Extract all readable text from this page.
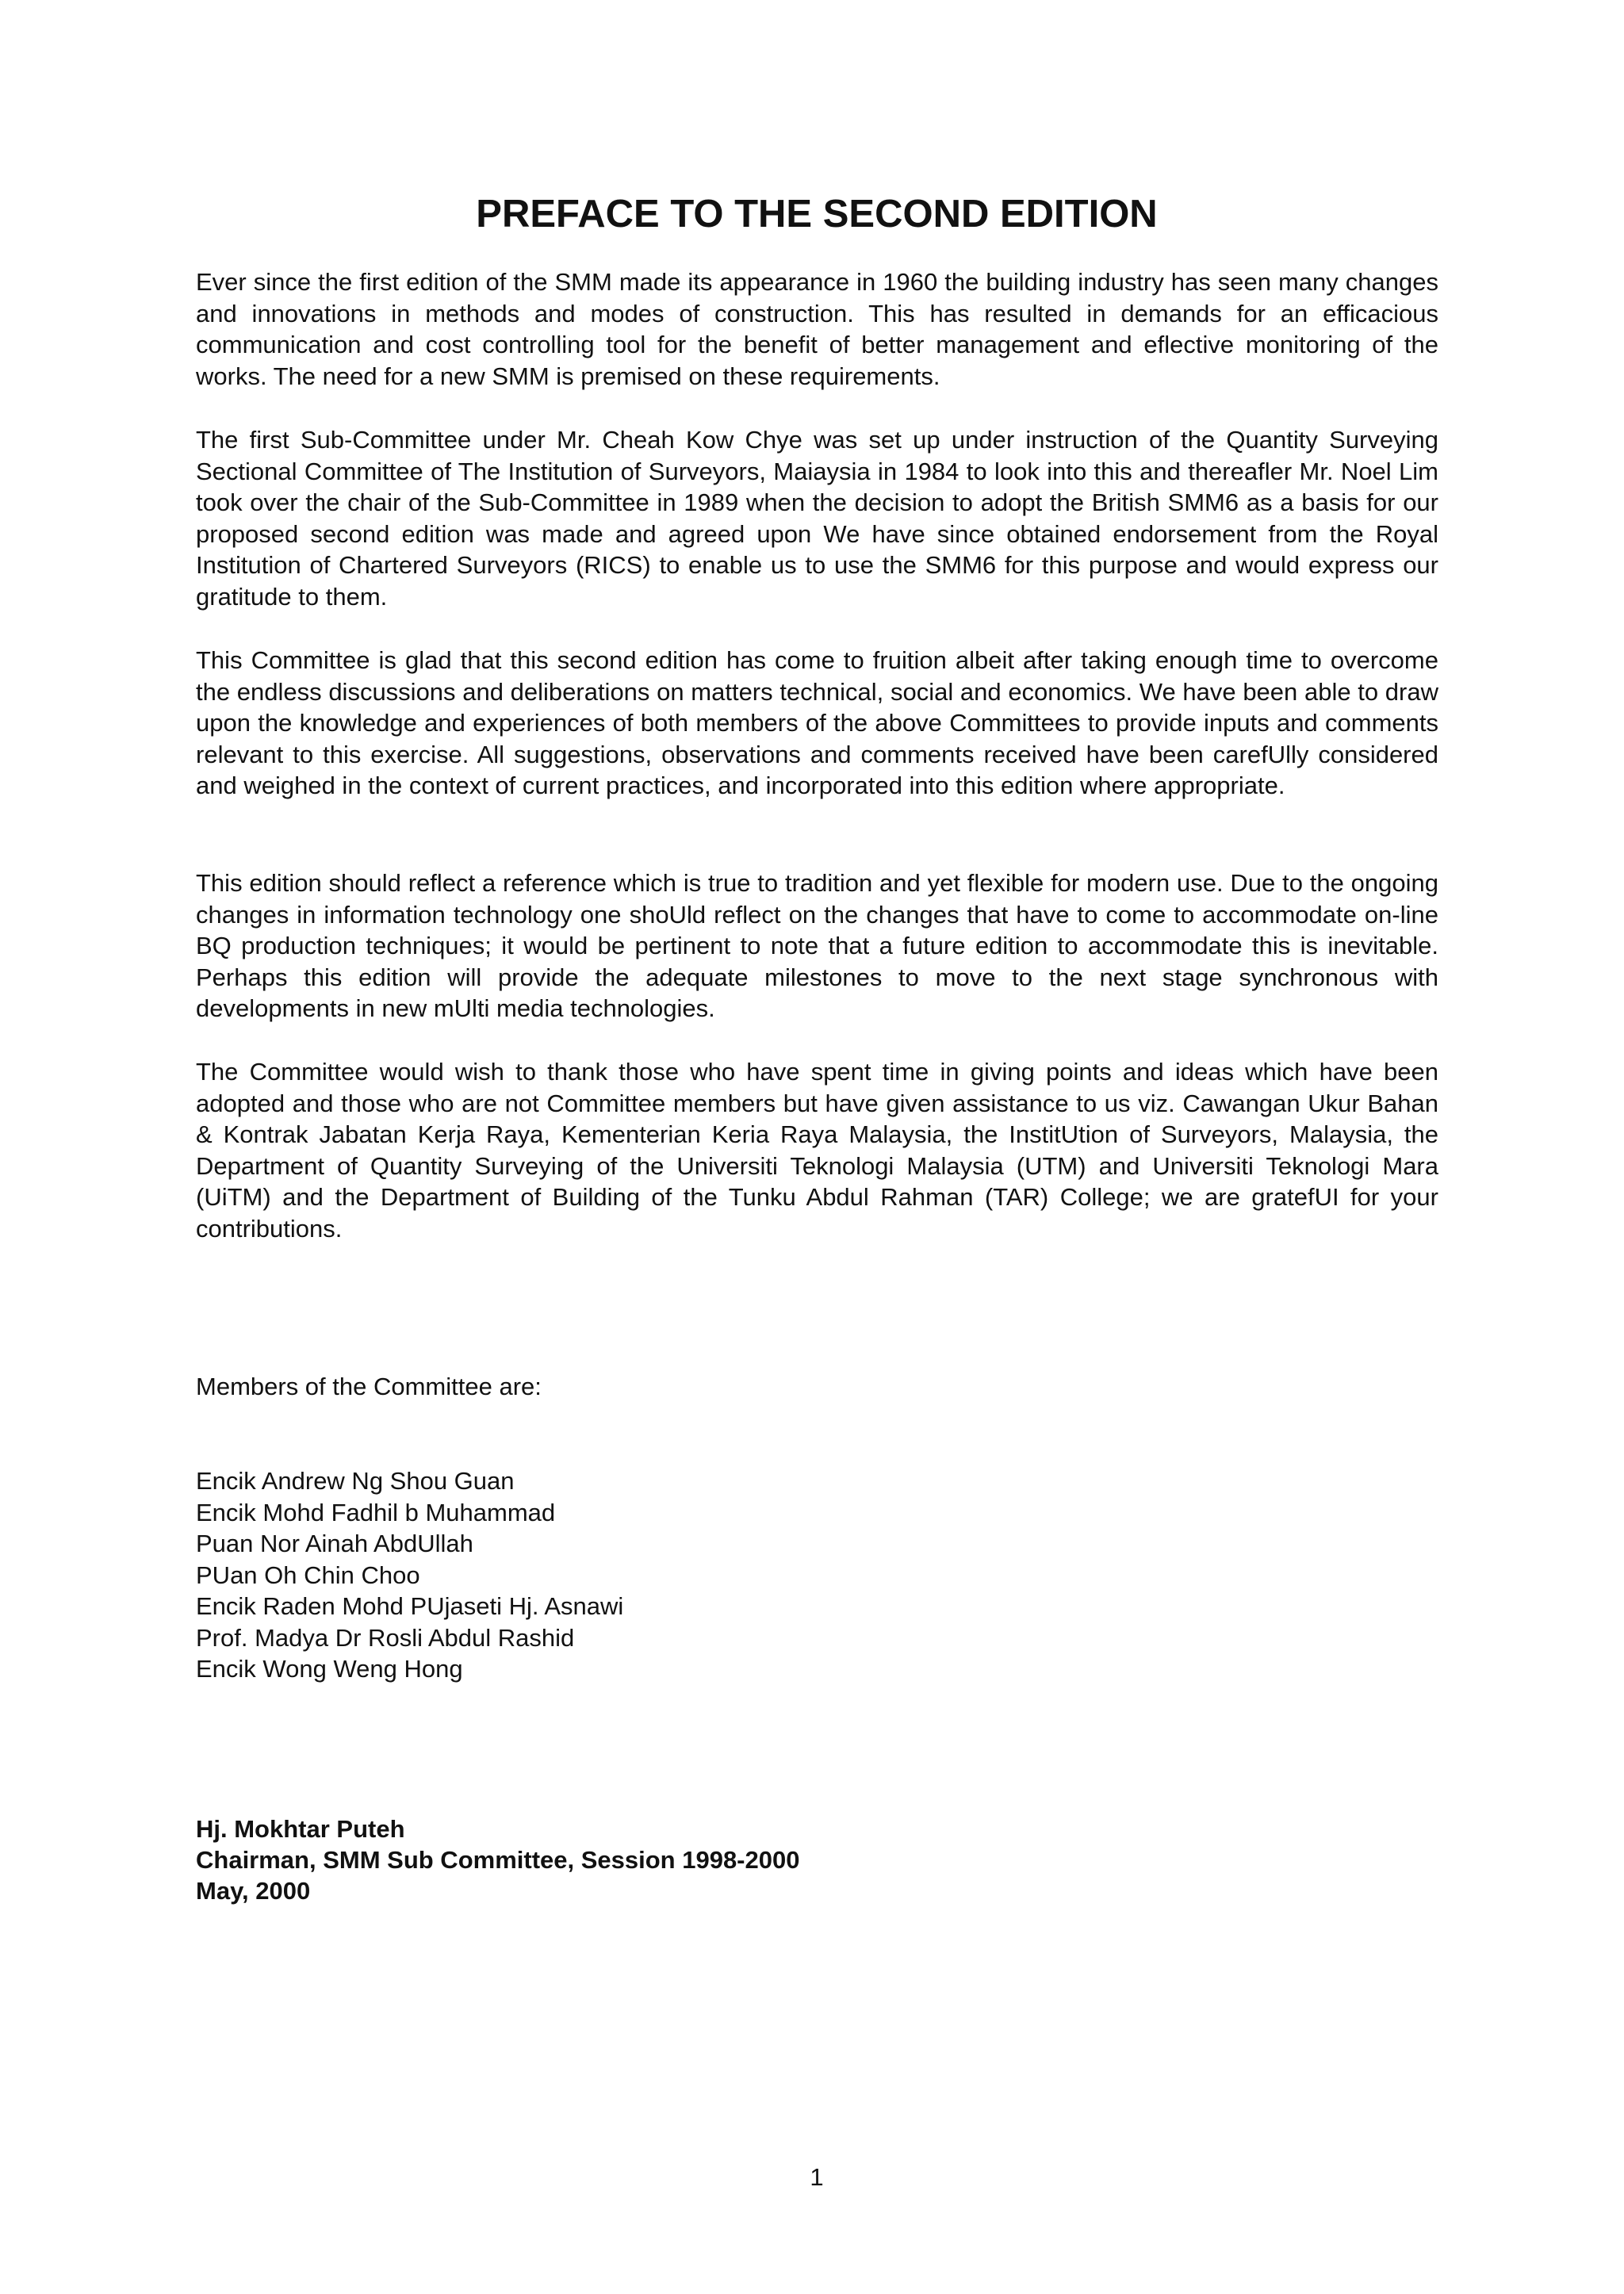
PREFACE TO THE SECOND EDITION

Ever since the first edition of the SMM made its appearance in 1960 the building industry has seen many changes and innovations in methods and modes of construction. This has resulted in demands for an efficacious communication and cost controlling tool for the benefit of better management and eflective monitoring of the works. The need for a new SMM is premised on these requirements.

The first Sub-Committee under Mr. Cheah Kow Chye was set up under instruction of the Quantity Surveying Sectional Committee of The Institution of Surveyors, Maiaysia in 1984 to look into this and thereafler Mr. Noel Lim took over the chair of the Sub-Committee in 1989 when the decision to adopt the British SMM6 as a basis for our proposed second edition was made and agreed upon We have since obtained endorsement from the Royal Institution of Chartered Surveyors (RICS) to enable us to use the SMM6 for this purpose and would express our gratitude to them.

This Committee is glad that this second edition has come to fruition albeit after taking enough time to overcome the endless discussions and deliberations on matters technical, social and economics. We have been able to draw upon the knowledge and experiences of both members of the above Committees to provide inputs and comments relevant to this exercise. All suggestions, observations and comments received have been carefUlly considered and weighed in the context of current practices, and incorporated into this edition where appropriate.

This edition should reflect a reference which is true to tradition and yet flexible for modern use. Due to the ongoing changes in information technology one shoUld reflect on the changes that have to come to accommodate on-line BQ production techniques; it would be pertinent to note that a future edition to accommodate this is inevitable. Perhaps this edition will provide the adequate milestones to move to the next stage synchronous with developments in new mUlti media technologies.

The Committee would wish to thank those who have spent time in giving points and ideas which have been adopted and those who are not Committee members but have given assistance to us viz. Cawangan Ukur Bahan & Kontrak Jabatan Kerja Raya, Kementerian Keria Raya Malaysia, the InstitUtion of Surveyors, Malaysia, the Department of Quantity Surveying of the Universiti Teknologi Malaysia (UTM) and Universiti Teknologi Mara (UiTM) and the Department of Building of the Tunku Abdul Rahman (TAR) College; we are gratefUI for your contributions.

Members of the Committee are:

Encik Andrew Ng Shou Guan
Encik Mohd Fadhil b Muhammad
Puan Nor Ainah AbdUllah
PUan Oh Chin Choo
Encik Raden Mohd PUjaseti Hj. Asnawi
Prof. Madya Dr Rosli Abdul Rashid
Encik Wong Weng Hong
Hj. Mokhtar Puteh
Chairman, SMM Sub Committee, Session 1998-2000
May, 2000
1
